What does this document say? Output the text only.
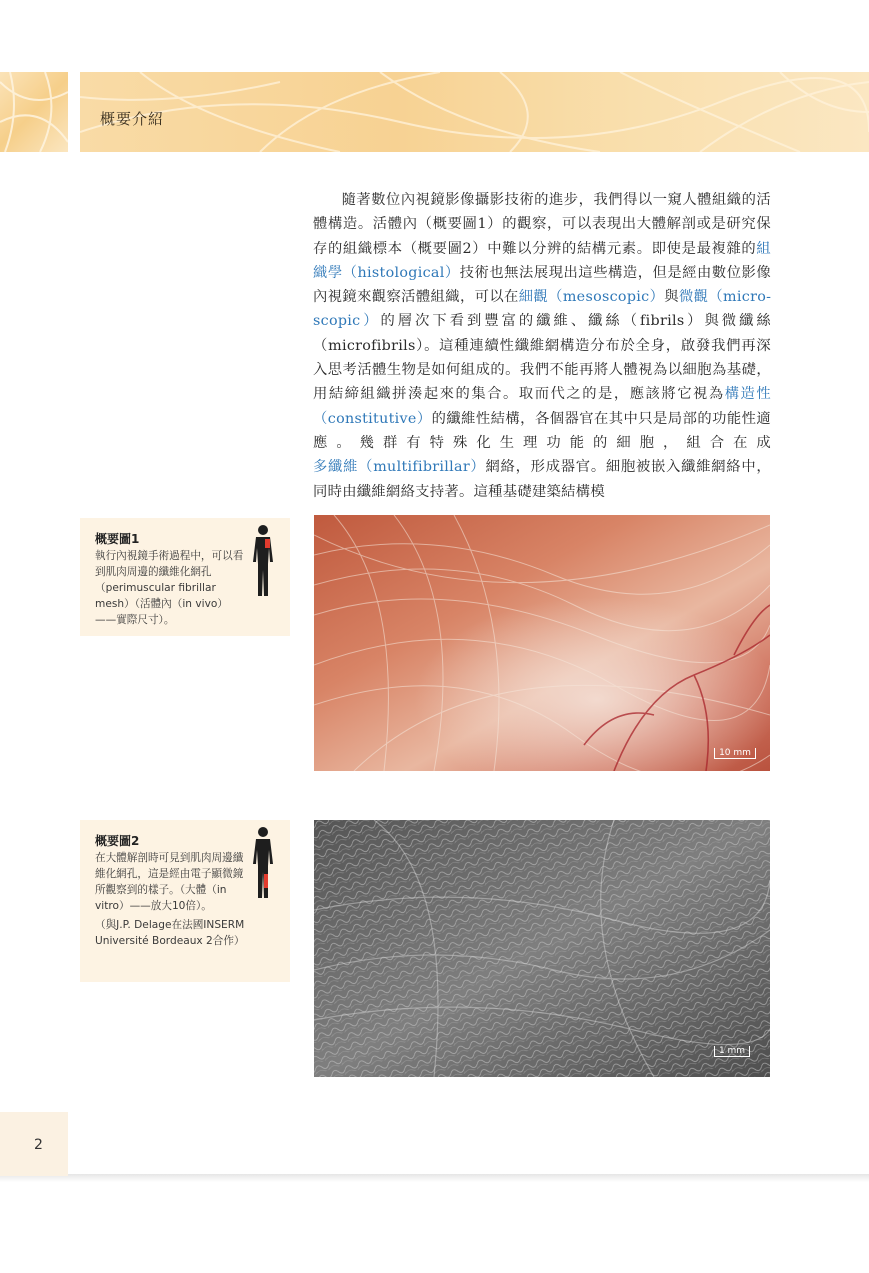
概要介紹

隨著數位內視鏡影像攝影技術的進步，我們得以一窺人體組織的活體構造。活體內（概要圖1）的觀察，可以表現出大體解剖或是研究保存的組織標本（概要圖2）中難以分辨的結構元素。即使是最複雜的組織學（histological）技術也無法展現出這些構造，但是經由數位影像內視鏡來觀察活體組織，可以在細觀（mesoscopic）與微觀（microscopic）的層次下看到豐富的纖維、纖絲（fibrils）與微纖絲（microfibrils）。這種連續性纖維網構造分布於全身，啟發我們再深入思考活體生物是如何組成的。我們不能再將人體視為以細胞為基礎，用結締組織拼湊起來的集合。取而代之的是，應該將它視為構造性（constitutive）的纖維性結構，各個器官在其中只是局部的功能性適應。幾群有特殊化生理功能的細胞，組合在成多纖維（multifibrillar）網絡，形成器官。細胞被嵌入纖維網絡中，同時由纖維網絡支持著。這種基礎建築結構模

概要圖1

執行內視鏡手術過程中，可以看到肌肉周邊的纖維化網孔（perimuscular fibrillar mesh）（活體內（in vivo）——實際尺寸）。

10 mm
概要圖2

在大體解剖時可見到肌肉周邊纖維化網孔，這是經由電子顯微鏡所觀察到的樣子。（大體（in vitro）——放大10倍）。

（與J.P. Delage在法國INSERM Université Bordeaux 2合作）

1 mm
2
